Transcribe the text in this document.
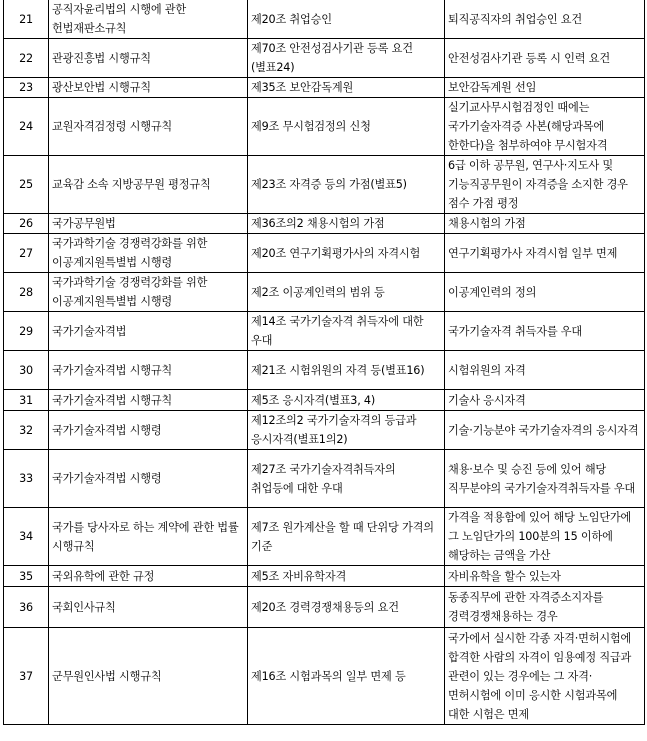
21	공직자윤리법의 시행에 관한 헌법재판소규칙	제20조 취업승인	퇴직공직자의 취업승인 요건
22	관광진흥법 시행규칙	제70조 안전성검사기관 등록 요건(별표24)	안전성검사기관 등록 시 인력 요건
23	광산보안법 시행규칙	제35조 보안감독계원	보안감독계원 선임
24	교원자격검정령 시행규칙	제9조 무시험검정의 신청	실기교사무시험검정인 때에는 국가기술자격증 사본(해당과목에 한한다)을 첨부하여야 무시험자격
25	교육감 소속 지방공무원 평정규칙	제23조 자격증 등의 가점(별표5)	6급 이하 공무원, 연구사·지도사 및 기능직공무원이 자격증을 소지한 경우 점수 가점 평정
26	국가공무원법	제36조의2 채용시험의 가점	채용시험의 가점
27	국가과학기술 경쟁력강화를 위한 이공계지원특별법 시행령	제20조 연구기획평가사의 자격시험	연구기획평가사 자격시험 일부 면제
28	국가과학기술 경쟁력강화를 위한 이공계지원특별법 시행령	제2조 이공계인력의 범위 등	이공계인력의 정의
29	국가기술자격법	제14조 국가기술자격 취득자에 대한 우대	국가기술자격 취득자를 우대
30	국가기술자격법 시행규칙	제21조 시험위원의 자격 등(별표16)	시험위원의 자격
31	국가기술자격법 시행규칙	제5조 응시자격(별표3, 4)	기술사 응시자격
32	국가기술자격법 시행령	제12조의2 국가기술자격의 등급과 응시자격(별표1의2)	기술·기능분야 국가기술자격의 응시자격
33	국가기술자격법 시행령	제27조 국가기술자격취득자의 취업등에 대한 우대	채용·보수 및 승진 등에 있어 해당 직무분야의 국가기술자격취득자를 우대
34	국가를 당사자로 하는 계약에 관한 법률 시행규칙	제7조 원가계산을 할 때 단위당 가격의 기준	가격을 적용함에 있어 해당 노임단가에 그 노임단가의 100분의 15 이하에 해당하는 금액을 가산
35	국외유학에 관한 규정	제5조 자비유학자격	자비유학을 할수 있는자
36	국회인사규칙	제20조 경력경쟁채용등의 요건	동종직무에 관한 자격증소지자를 경력경쟁채용하는 경우
37	군무원인사법 시행규칙	제16조 시험과목의 일부 면제 등	국가에서 실시한 각종 자격·면허시험에 합격한 사람의 자격이 임용예정 직급과 관련이 있는 경우에는 그 자격·면허시험에 이미 응시한 시험과목에 대한 시험은 면제
